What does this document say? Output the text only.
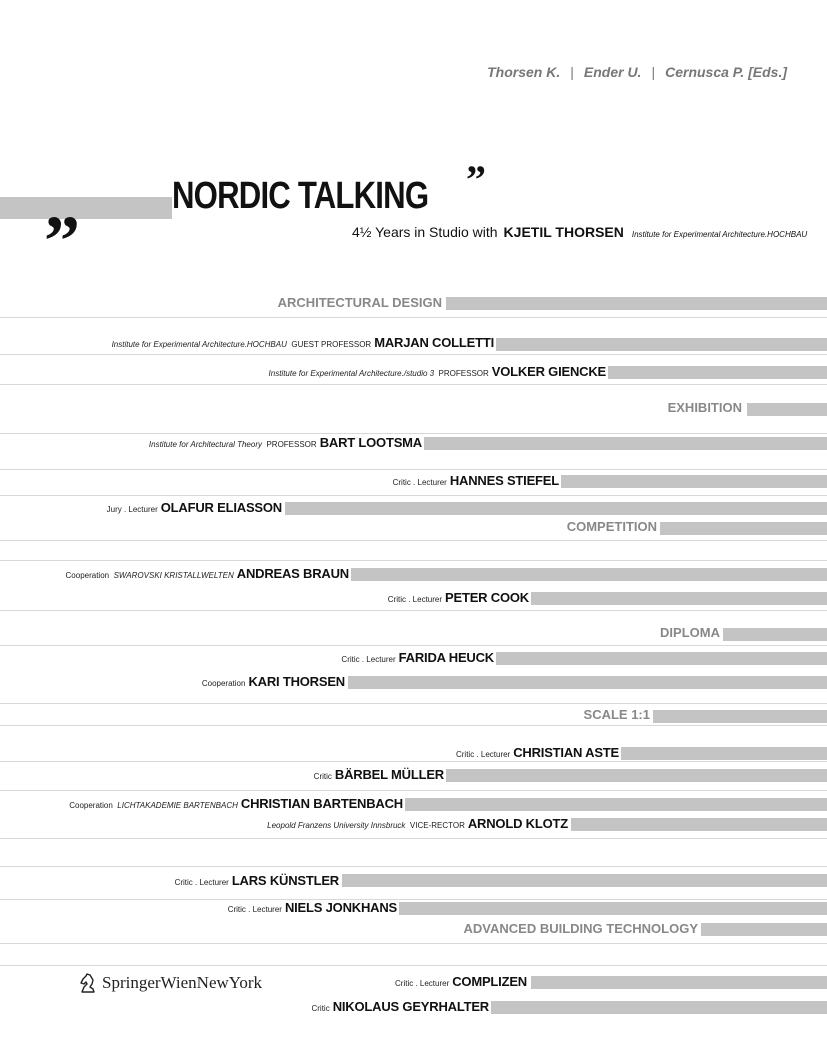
Thorsen K. | Ender U. | Cernusca P. [Eds.]
NORDIC TALKING ”
”	4½ Years in Studio with KJETIL THORSEN Institute for Experimental Architecture.HOCHBAU
ARCHITECTURAL DESIGN
Institute for Experimental Architecture.HOCHBAU GUEST PROFESSOR MARJAN COLLETTI
Institute for Experimental Architecture./studio 3 PROFESSOR VOLKER GIENCKE
EXHIBITION
Institute for Architectural Theory PROFESSOR BART LOOTSMA
Critic . Lecturer HANNES STIEFEL
Jury . Lecturer OLAFUR ELIASSON
COMPETITION
Cooperation SWAROVSKI KRISTALLWELTEN ANDREAS BRAUN
Critic . Lecturer PETER COOK
DIPLOMA
Critic . Lecturer FARIDA HEUCK
Cooperation KARI THORSEN
SCALE 1:1
Critic . Lecturer CHRISTIAN ASTE
Critic BÄRBEL MÜLLER
Cooperation LICHTAKADEMIE BARTENBACH CHRISTIAN BARTENBACH
Leopold Franzens University Innsbruck VICE-RECTOR ARNOLD KLOTZ
Critic . Lecturer LARS KÜNSTLER
Critic . Lecturer NIELS JONKHANS
ADVANCED BUILDING TECHNOLOGY
Critic . Lecturer COMPLIZEN
Critic NIKOLAUS GEYRHALTER
SpringerWienNewYork
